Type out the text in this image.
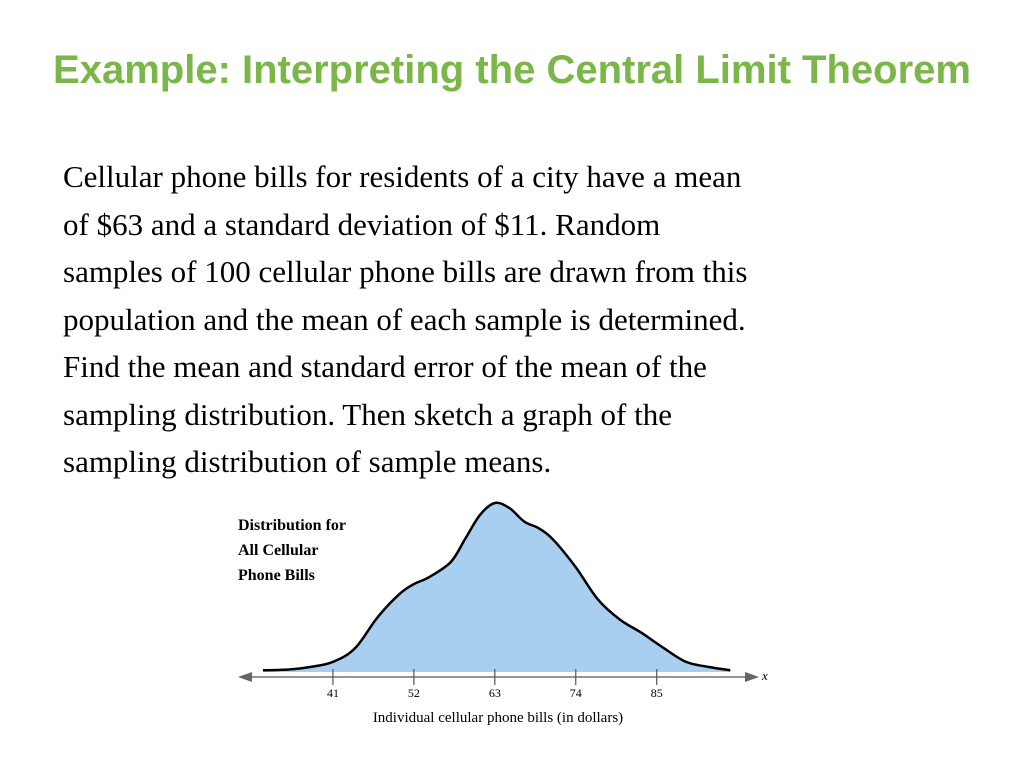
Example: Interpreting the Central Limit Theorem
Cellular phone bills for residents of a city have a mean
of $63 and a standard deviation of $11. Random
samples of 100 cellular phone bills are drawn from this
population and the mean of each sample is determined.
Find the mean and standard error of the mean of the
sampling distribution. Then sketch a graph of the
sampling distribution of sample means.
x
41	52	63	74	85
Distribution for
All Cellular
Phone Bills
Individual cellular phone bills (in dollars)
